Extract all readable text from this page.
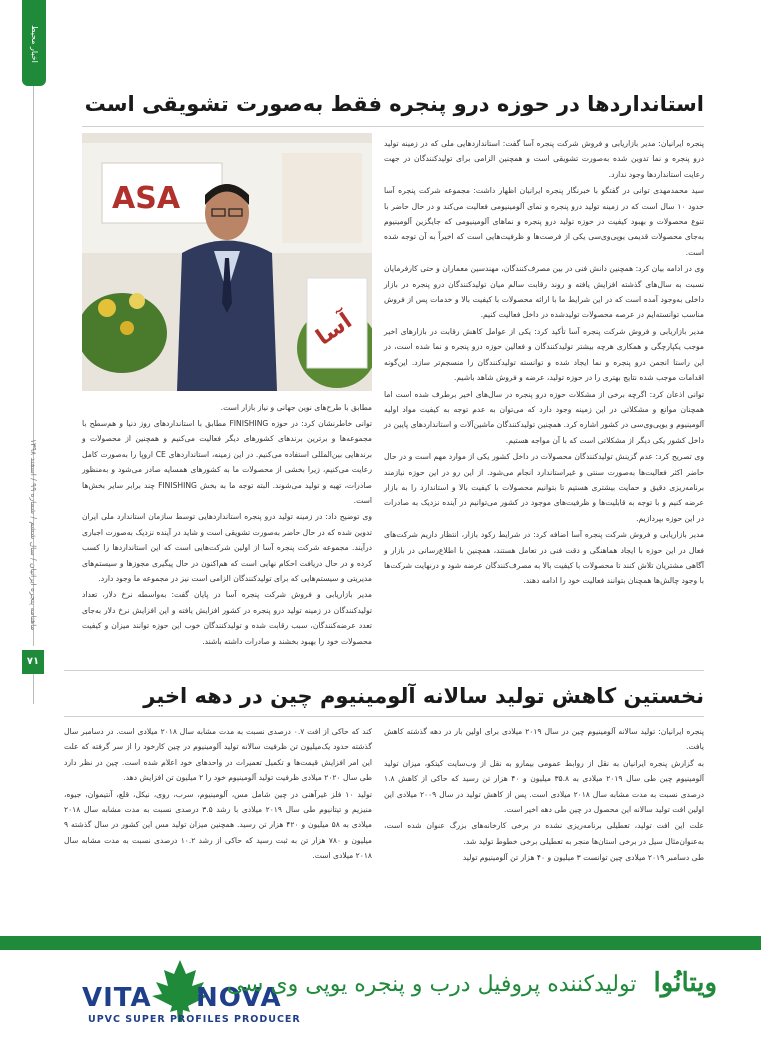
اخبار محیط
ماهنامه پنجره ایرانیان / سال ششم / شماره ۹۹ / اسفند ۱۳۹۸
۷۱
استانداردها در حوزه درو پنجره فقط به‌صورت تشویقی است

پنجره ایرانیان: مدیر بازاریابی و فروش شرکت پنجره آسا گفت: استانداردهایی ملی که در زمینه تولید درو پنجره و نما تدوین شده به‌صورت تشویقی است و همچنین الزامی برای تولیدکنندگان در جهت رعایت استانداردها وجود ندارد.

سید محمدمهدی توانی در گفتگو با خبرنگار پنجره ایرانیان اظهار داشت: مجموعه شرکت پنجره آسا حدود ۱۰ سال است که در زمینه تولید درو پنجره و نمای آلومینیومی فعالیت می‌کند و در حال حاضر با تنوع محصولات و بهبود کیفیت در حوزه تولید درو پنجره و نماهای آلومینیومی که جایگزین آلومینیوم به‌جای محصولات قدیمی یوپی‌وی‌سی یکی از فرصت‌ها و ظرفیت‌هایی است که اخیراً به آن توجه شده است.

وی در ادامه بیان کرد: همچنین دانش فنی در بین مصرف‌کنندگان، مهندسین معماران و حتی کارفرمایان نسبت به سال‌های گذشته افزایش یافته و روند رقابت سالم میان تولیدکنندگان درو پنجره در بازار داخلی به‌وجود آمده است که در این شرایط ما با ارائه محصولات با کیفیت بالا و خدمات پس از فروش مناسب توانسته‌ایم در عرصه محصولات تولیدشده در داخل فعالیت کنیم.

مدیر بازاریابی و فروش شرکت پنجره آسا تأکید کرد: یکی از عوامل کاهش رقابت در بازارهای اخیر موجب یکپارچگی و همکاری هرچه بیشتر تولیدکنندگان و فعالین حوزه درو پنجره و نما شده است، در این راستا انجمن درو پنجره و نما ایجاد شده و توانسته تولیدکنندگان را منسجم‌تر سازد. این‌گونه اقدامات موجب شده نتایج بهتری را در حوزه تولید، عرضه و فروش شاهد باشیم.

توانی اذعان کرد: اگرچه برخی از مشکلات حوزه درو پنجره در سال‌های اخیر برطرف شده است اما همچنان موانع و مشکلاتی در این زمینه وجود دارد که می‌توان به عدم توجه به کیفیت مواد اولیه آلومینیوم و یوپی‌وی‌سی در کشور اشاره کرد. همچنین تولیدکنندگان ماشین‌آلات و استانداردهای پایین در داخل کشور یکی دیگر از مشکلاتی است که با آن مواجه هستیم.

وی تصریح کرد: عدم گزینش تولیدکنندگان محصولات در داخل کشور یکی از موارد مهم است و در حال حاضر اکثر فعالیت‌ها به‌صورت سنتی و غیراستاندارد انجام می‌شود. از این رو در این حوزه نیازمند برنامه‌ریزی دقیق و حمایت بیشتری هستیم تا بتوانیم محصولات با کیفیت بالا و استاندارد را به بازار عرضه کنیم و با توجه به قابلیت‌ها و ظرفیت‌های موجود در کشور می‌توانیم در آینده نزدیک به صادرات در این حوزه بپردازیم.

مدیر بازاریابی و فروش شرکت پنجره آسا اضافه کرد: در شرایط رکود بازار، انتظار داریم شرکت‌های فعال در این حوزه با ایجاد هماهنگی و دقت فنی در تعامل هستند، همچنین با اطلاع‌رسانی در بازار و آگاهی مشتریان تلاش کنند تا محصولات با کیفیت بالا به مصرف‌کنندگان عرضه شود و درنهایت شرکت‌ها با وجود چالش‌ها همچنان بتوانند فعالیت خود را ادامه دهند.

ASA
آسا
مطابق با طرح‌های نوین جهانی و نیاز بازار است.

توانی خاطرنشان کرد: در حوزه FINISHING مطابق با استانداردهای روز دنیا و هم‌سطح با مجموعه‌ها و برترین برندهای کشورهای دیگر فعالیت می‌کنیم و همچنین از محصولات و برندهایی بین‌المللی استفاده می‌کنیم. در این زمینه، استانداردهای CE اروپا را به‌صورت کامل رعایت می‌کنیم، زیرا بخشی از محصولات ما به کشورهای همسایه صادر می‌شود و به‌منظور صادرات، تهیه و تولید می‌شوند. البته توجه ما به بخش FINISHING چند برابر سایر بخش‌ها است.

وی توضیح داد: در زمینه تولید درو پنجره استانداردهایی توسط سازمان استاندارد ملی ایران تدوین شده که در حال حاضر به‌صورت تشویقی است و شاید در آینده نزدیک به‌صورت اجباری درآیند. مجموعه شرکت پنجره آسا از اولین شرکت‌هایی است که این استانداردها را کسب کرده و در حال دریافت احکام نهایی است که هم‌اکنون در حال پیگیری مجوزها و سیستم‌های مدیریتی و سیستم‌هایی که برای تولیدکنندگان الزامی است نیز در مجموعه ما وجود دارد.

مدیر بازاریابی و فروش شرکت پنجره آسا در پایان گفت: به‌واسطه نرخ دلار، تعداد تولیدکنندگان در زمینه تولید درو پنجره در کشور افزایش یافته و این افزایش نرخ دلار به‌جای تعدد عرضه‌کنندگان، سبب رقابت شده و تولیدکنندگان خوب این حوزه توانند میزان و کیفیت محصولات خود را بهبود بخشند و صادرات داشته باشند.

نخستین کاهش تولید سالانه آلومینیوم چین در دهه اخیر

پنجره ایرانیان: تولید سالانه آلومینیوم چین در سال ۲۰۱۹ میلادی برای اولین بار در دهه گذشته کاهش یافت.

به گزارش پنجره ایرانیان به نقل از روابط عمومی بیمارو به نقل از وب‌سایت کیتکو، میزان تولید آلومینیوم چین طی سال ۲۰۱۹ میلادی به ۳۵.۸ میلیون و ۴۰ هزار تن رسید که حاکی از کاهش ۱.۸ درصدی نسبت به مدت مشابه سال ۲۰۱۸ میلادی است. پس از کاهش تولید در سال ۲۰۰۹ میلادی این اولین افت تولید سالانه این محصول در چین طی دهه اخیر است.

علت این افت تولید، تعطیلی برنامه‌ریزی نشده در برخی کارخانه‌های بزرگ عنوان شده است، به‌عنوان‌مثال سیل در برخی استان‌ها منجر به تعطیلی برخی خطوط تولید شد.

طی دسامبر ۲۰۱۹ میلادی چین توانست ۳ میلیون و ۴۰ هزار تن آلومینیوم تولید

کند که حاکی از افت ۰.۷ درصدی نسبت به مدت مشابه سال ۲۰۱۸ میلادی است. در دسامبر سال گذشته حدود یک‌میلیون تن ظرفیت سالانه تولید آلومینیوم در چین کارخود را از سر گرفته که علت این امر افزایش قیمت‌ها و تکمیل تعمیرات در واحدهای خود اعلام شده است. چین در نظر دارد طی سال ۲۰۲۰ میلادی ظرفیت تولید آلومینیوم خود را ۲ میلیون تن افزایش دهد.

تولید ۱۰ فلز غیرآهنی در چین شامل مس، آلومینیوم، سرب، روی، نیکل، قلع، آنتیموان، جیوه، منیزیم و تیتانیوم طی سال ۲۰۱۹ میلادی با رشد ۳.۵ درصدی نسبت به مدت مشابه سال ۲۰۱۸ میلادی به ۵۸ میلیون و ۴۲۰ هزار تن رسید. همچنین میزان تولید مس این کشور در سال گذشته ۹ میلیون و ۷۸۰ هزار تن به ثبت رسید که حاکی از رشد ۱۰.۲ درصدی نسبت به مدت مشابه سال ۲۰۱۸ میلادی است.

VITA NOVA
UPVC SUPER PROFILES PRODUCER
ویتانُوا تولیدکننده پروفیل درب و پنجره یوپی وی سی
